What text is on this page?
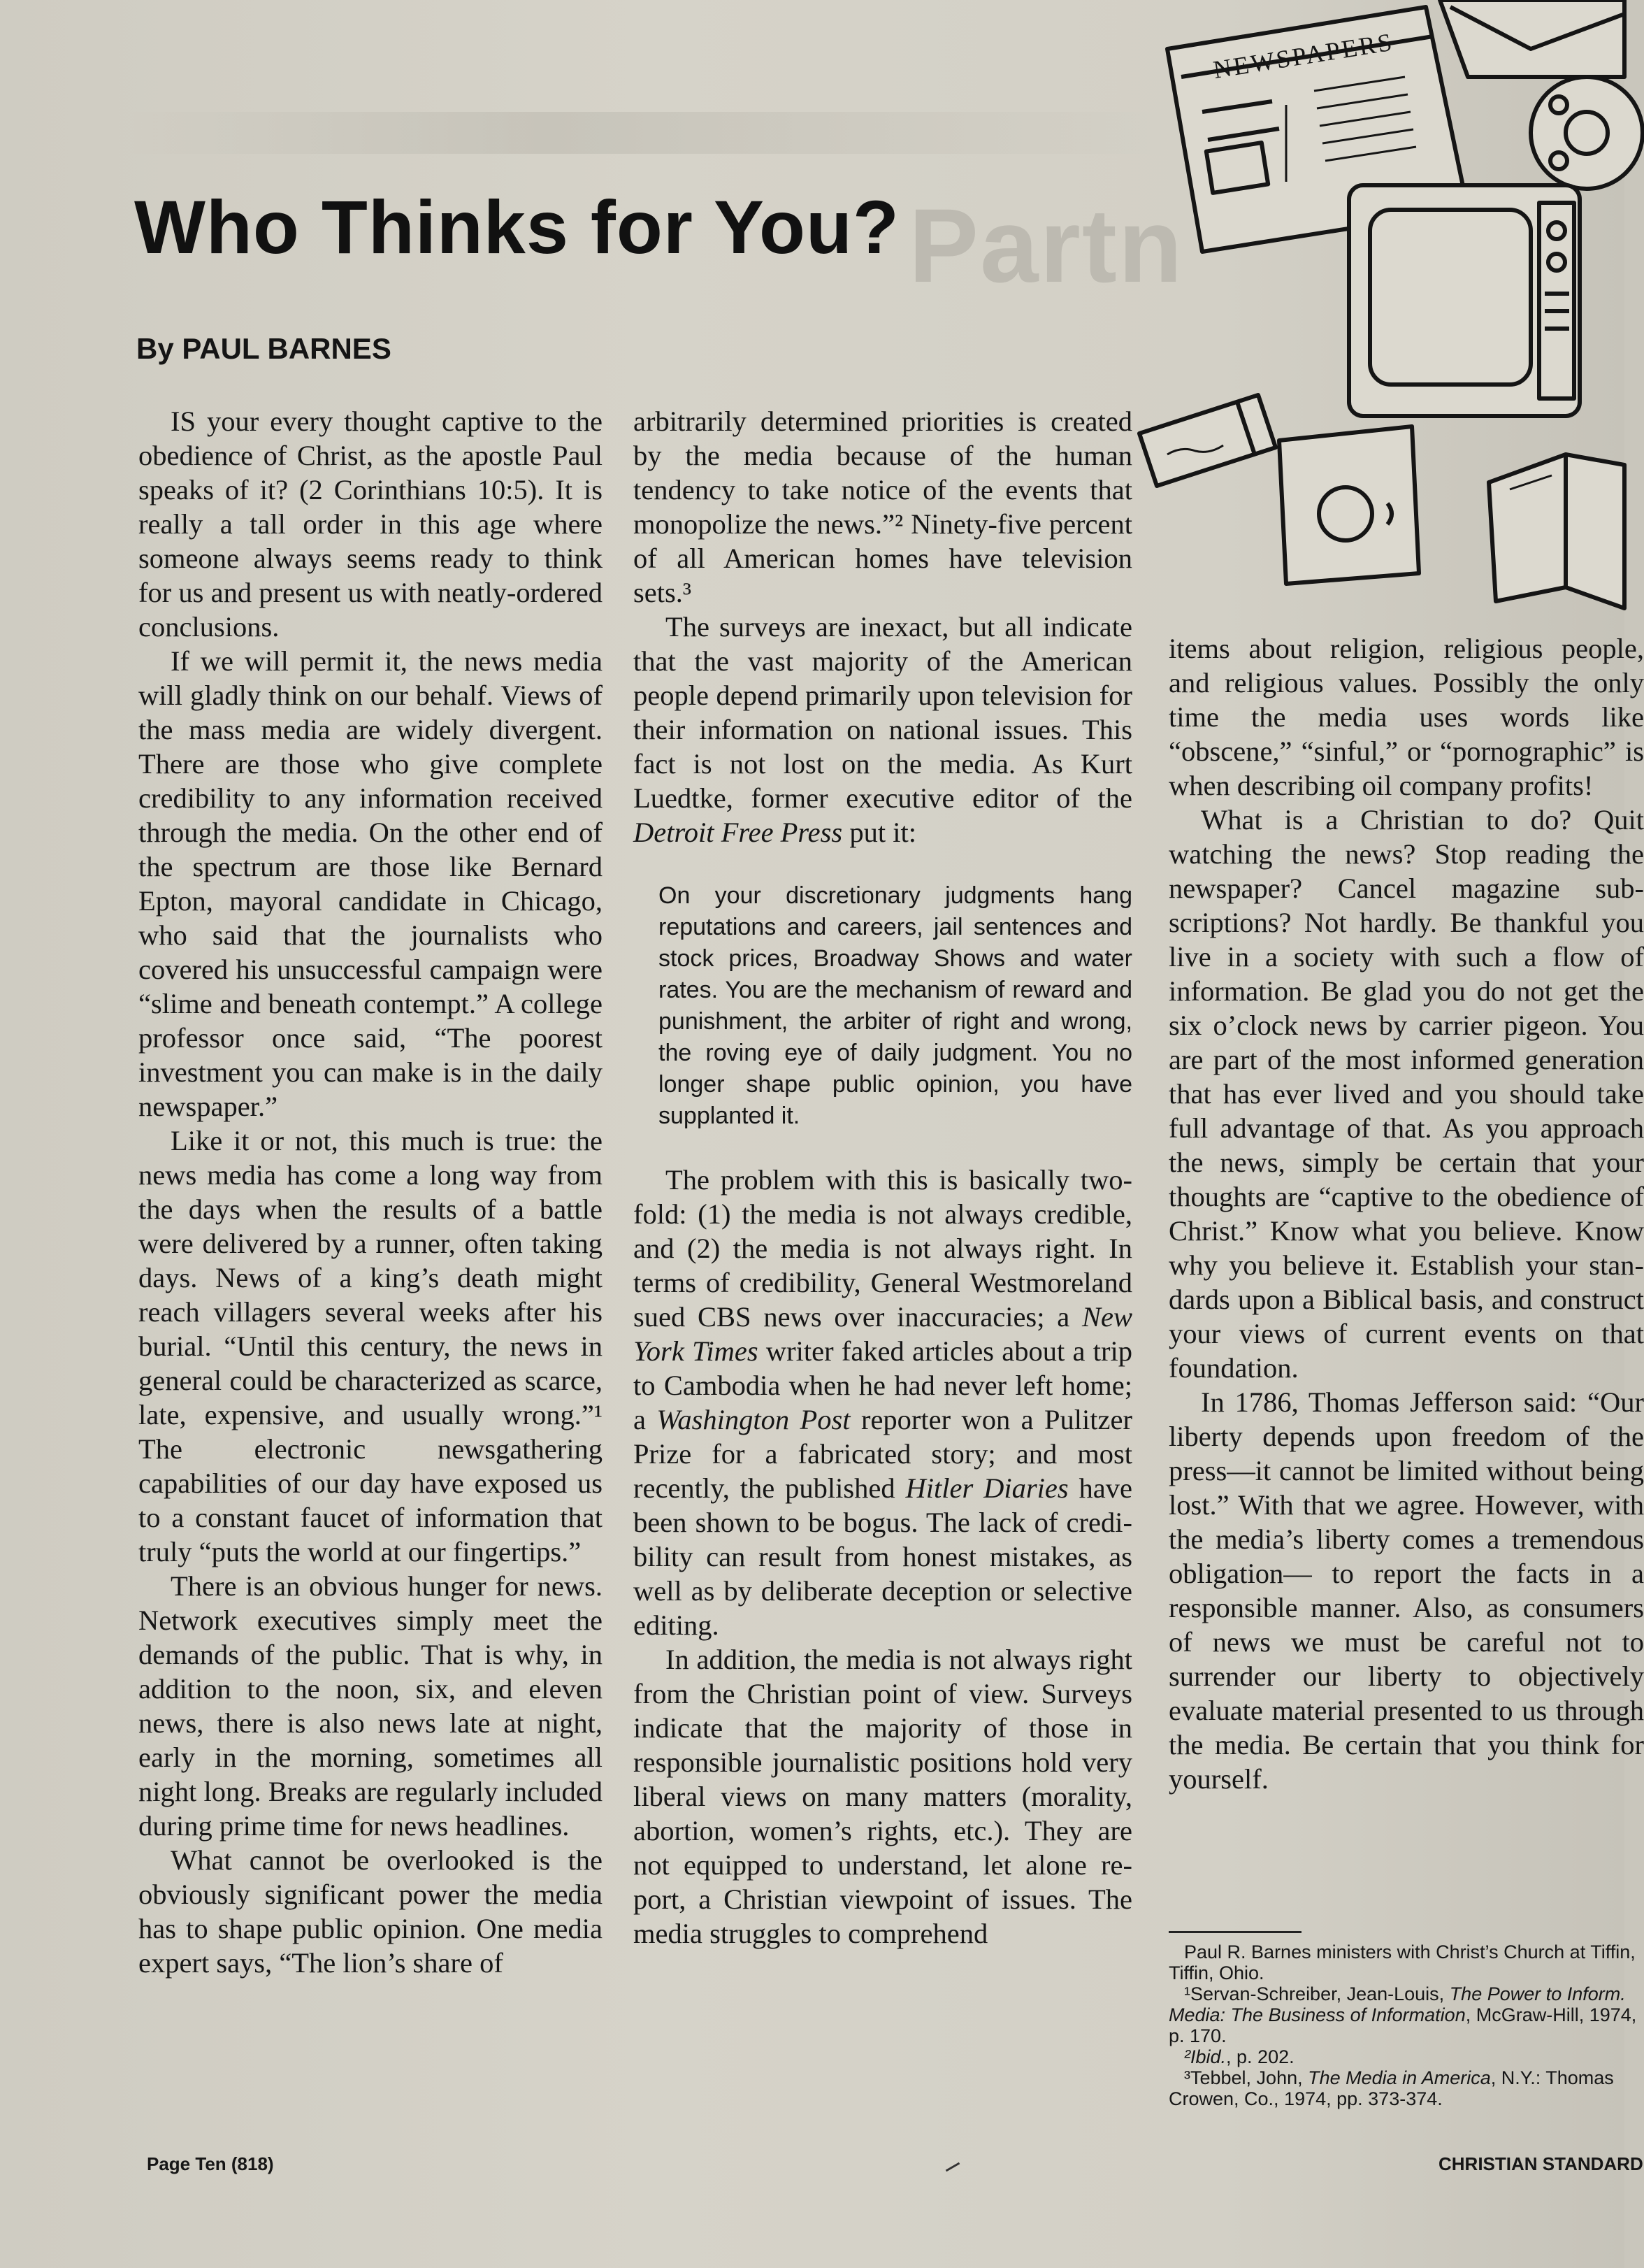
Partn
Who Thinks for You?
By PAUL BARNES
NEWSPAPERS

IS your every thought captive to the obedience of Christ, as the apostle Paul speaks of it? (2 Corinthians 10:5). It is really a tall order in this age where someone always seems ready to think for us and present us with neatly-ordered conclusions.

If we will permit it, the news media will gladly think on our behalf. Views of the mass media are widely divergent. There are those who give complete credibility to any information received through the media. On the other end of the spectrum are those like Bernard Epton, mayoral candidate in Chicago, who said that the journalists who covered his unsuccessful campaign were “slime and beneath contempt.” A college professor once said, “The poorest investment you can make is in the daily newspaper.”

Like it or not, this much is true: the news media has come a long way from the days when the results of a battle were delivered by a runner, often taking days. News of a king’s death might reach villagers several weeks after his burial. “Until this century, the news in general could be characterized as scarce, late, expensive, and usually wrong.”¹ The electronic newsgathering capabilities of our day have exposed us to a constant faucet of information that truly “puts the world at our fingertips.”

There is an obvious hunger for news. Network executives simply meet the demands of the public. That is why, in addition to the noon, six, and eleven news, there is also news late at night, early in the morning, sometimes all night long. Breaks are regularly included during prime time for news headlines.

What cannot be overlooked is the obviously significant power the media has to shape public opinion. One media expert says, “The lion’s share of

arbitrarily determined priorities is created by the media because of the human tendency to take notice of the events that monopolize the news.”² Ninety-five percent of all American homes have television sets.³

The surveys are inexact, but all indicate that the vast majority of the American people depend primarily upon television for their information on national issues. This fact is not lost on the media. As Kurt Luedtke, former executive editor of the Detroit Free Press put it:

On your discretionary judgments hang reputations and careers, jail sentences and stock prices, Broadway Shows and water rates. You are the mechanism of reward and punishment, the arbiter of right and wrong, the roving eye of daily judgment. You no longer shape public opinion, you have supplanted it.

The problem with this is basically two-fold: (1) the media is not always credible, and (2) the media is not always right. In terms of credibility, General Westmoreland sued CBS news over inaccuracies; a New York Times writer faked articles about a trip to Cambodia when he had never left home; a Washington Post reporter won a Pulitzer Prize for a fabricated story; and most recently, the published Hitler Diaries have been shown to be bogus. The lack of credibility can result from honest mistakes, as well as by deliberate deception or selective editing.

In addition, the media is not always right from the Christian point of view. Surveys indicate that the majority of those in responsible journalistic positions hold very liberal views on many matters (morality, abortion, women’s rights, etc.). They are not equipped to understand, let alone report, a Christian viewpoint of issues. The media struggles to comprehend

items about religion, religious people, and religious values. Possibly the only time the media uses words like “obscene,” “sinful,” or “pornographic” is when describing oil company profits!

What is a Christian to do? Quit watching the news? Stop reading the newspaper? Cancel magazine subscriptions? Not hardly. Be thankful you live in a society with such a flow of information. Be glad you do not get the six o’clock news by carrier pigeon. You are part of the most informed generation that has ever lived and you should take full advantage of that. As you approach the news, simply be certain that your thoughts are “captive to the obedience of Christ.” Know what you believe. Know why you believe it. Establish your standards upon a Biblical basis, and construct your views of current events on that foundation.

In 1786, Thomas Jefferson said: “Our liberty depends upon freedom of the press—it cannot be limited without being lost.” With that we agree. However, with the media’s liberty comes a tremendous obligation— to report the facts in a responsible manner. Also, as consumers of news we must be careful not to surrender our liberty to objectively evaluate material presented to us through the media. Be certain that you think for yourself.

Paul R. Barnes ministers with Christ’s Church at Tiffin, Tiffin, Ohio.

¹Servan-Schreiber, Jean-Louis, The Power to Inform. Media: The Business of Information, McGraw-Hill, 1974, p. 170.

²Ibid., p. 202.

³Tebbel, John, The Media in America, N.Y.: Thomas Crowen, Co., 1974, pp. 373-374.

Page Ten (818)	CHRISTIAN STANDARD
